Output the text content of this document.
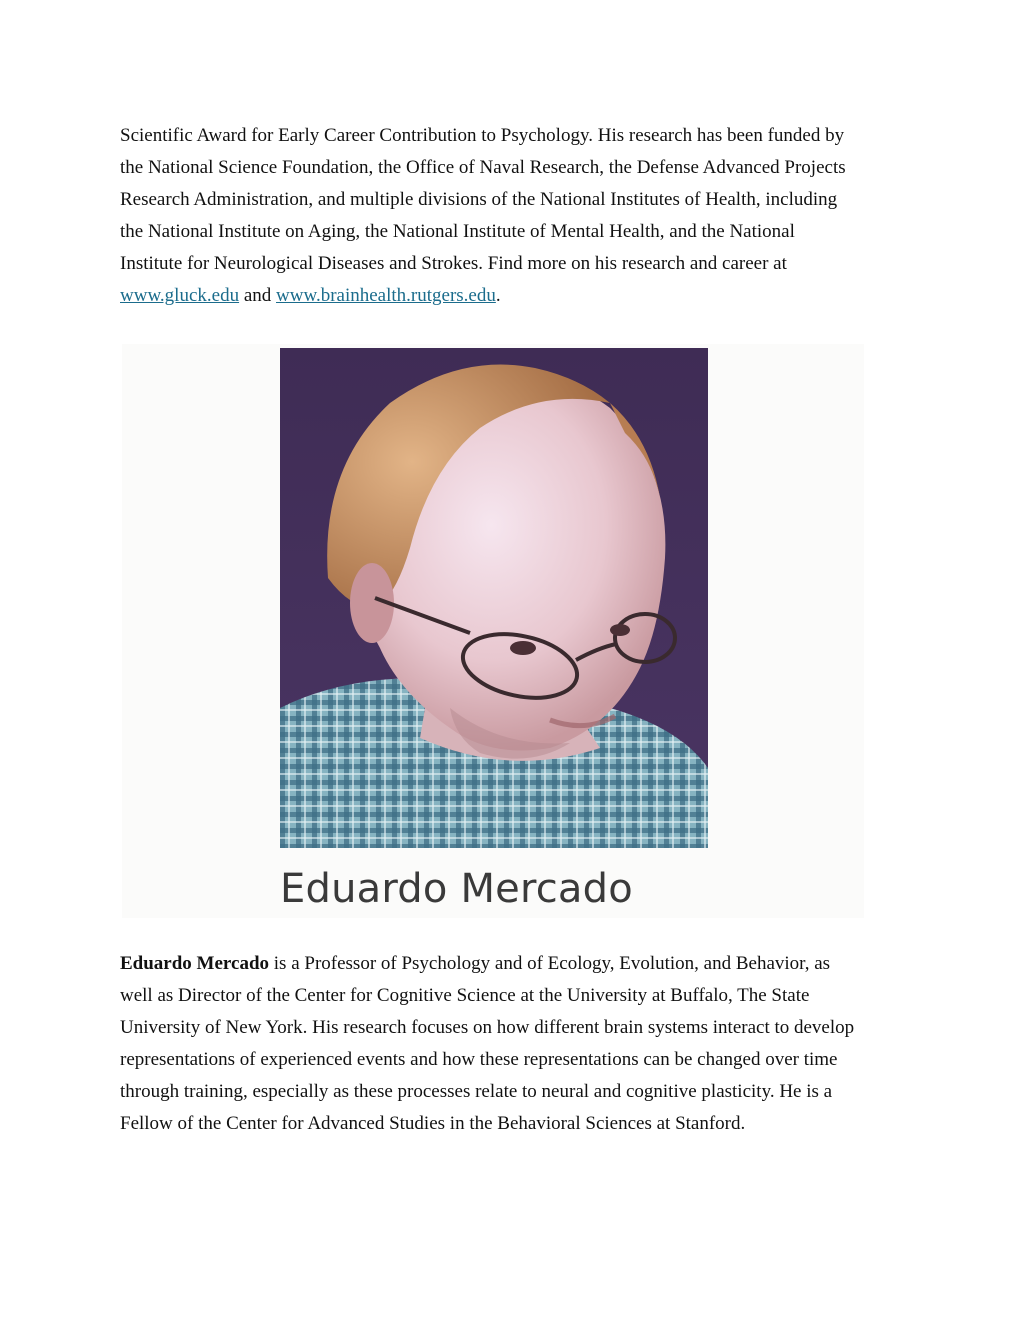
Scientific Award for Early Career Contribution to Psychology. His research has been funded by
the National Science Foundation, the Office of Naval Research, the Defense Advanced Projects
Research Administration, and multiple divisions of the National Institutes of Health, including
the National Institute on Aging, the National Institute of Mental Health, and the National
Institute for Neurological Diseases and Strokes. Find more on his research and career at
www.gluck.edu and www.brainhealth.rutgers.edu.

Eduardo Mercado

Eduardo Mercado is a Professor of Psychology and of Ecology, Evolution, and Behavior, as
well as Director of the Center for Cognitive Science at the University at Buffalo, The State
University of New York. His research focuses on how different brain systems interact to develop
representations of experienced events and how these representations can be changed over time
through training, especially as these processes relate to neural and cognitive plasticity. He is a
Fellow of the Center for Advanced Studies in the Behavioral Sciences at Stanford.
